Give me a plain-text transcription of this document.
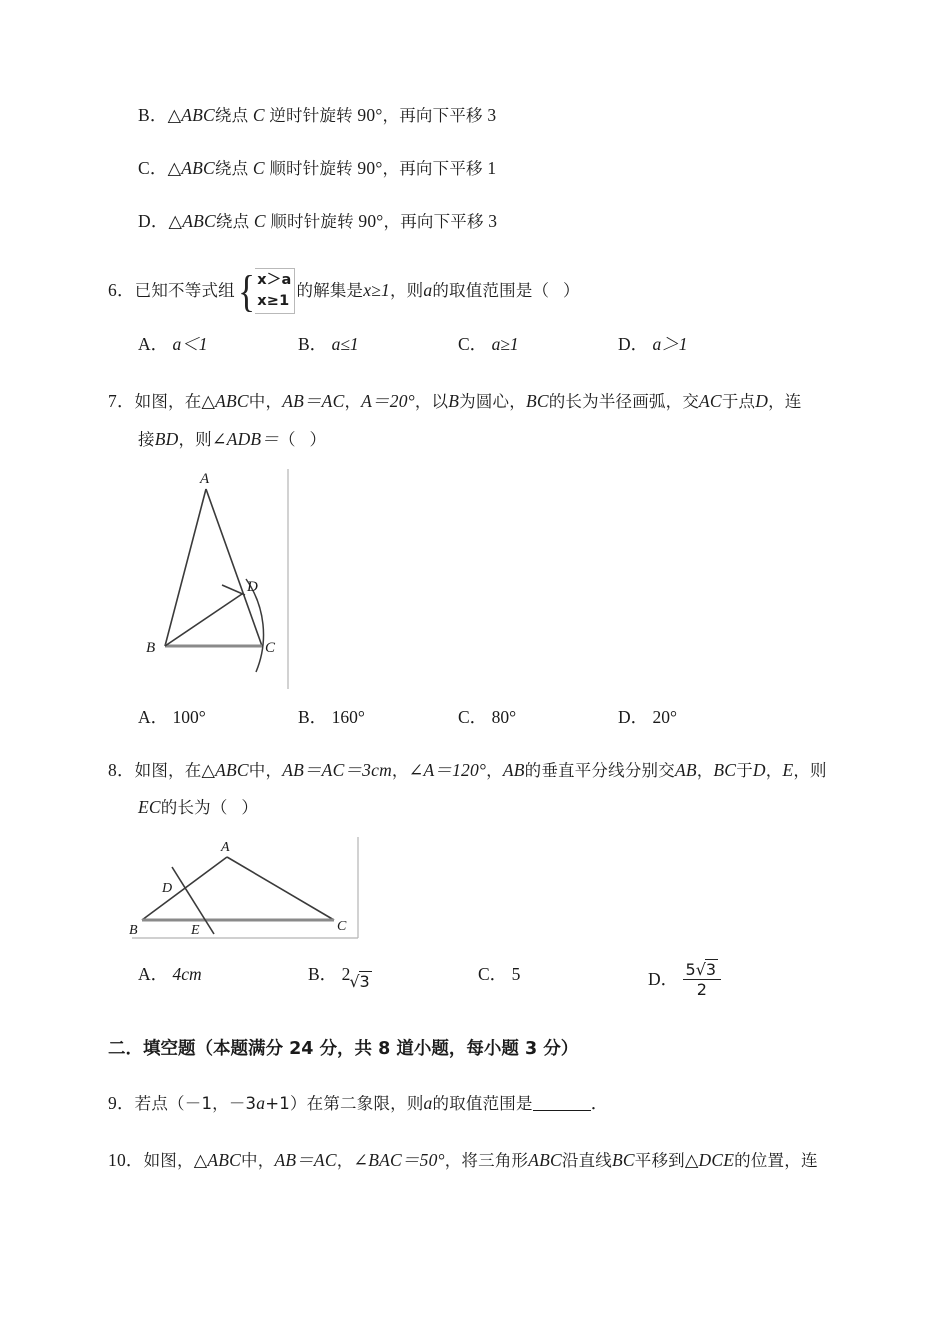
B．△ABC绕点 C 逆时针旋转 90°，再向下平移 3
C．△ABC绕点 C 顺时针旋转 90°，再向下平移 1
D．△ABC绕点 C 顺时针旋转 90°，再向下平移 3
6．已知不等式组 { x＞a
x≥1
的解集是x≥1，则a的取值范围是（ ）
A． a＜1	B． a≤1	C． a≥1	D． a＞1
7．如图，在△ABC中，AB＝AC，A＝20°，以B为圆心，BC的长为半径画弧，交AC于点D，连
接BD，则∠ADB＝（ ）
A
B	C
D
A． 100°	B． 160°	C． 80°	D． 20°
8．如图，在△ABC中，AB＝AC＝3cm，∠A＝120°，AB的垂直平分线分别交AB，BC于D，E，则
EC的长为（ ）
A
B	C
D
E
A． 4cm	B． 2√3	C． 5	D． $\frac{5√3}{2}$
二．填空题（本题满分 24 分，共 8 道小题，每小题 3 分）
9．若点（－1，－3a+1）在第二象限，则a的取值范围是	．
10．如图，△ABC中，AB＝AC，∠BAC＝50°，将三角形ABC沿直线BC平移到△DCE的位置，连
